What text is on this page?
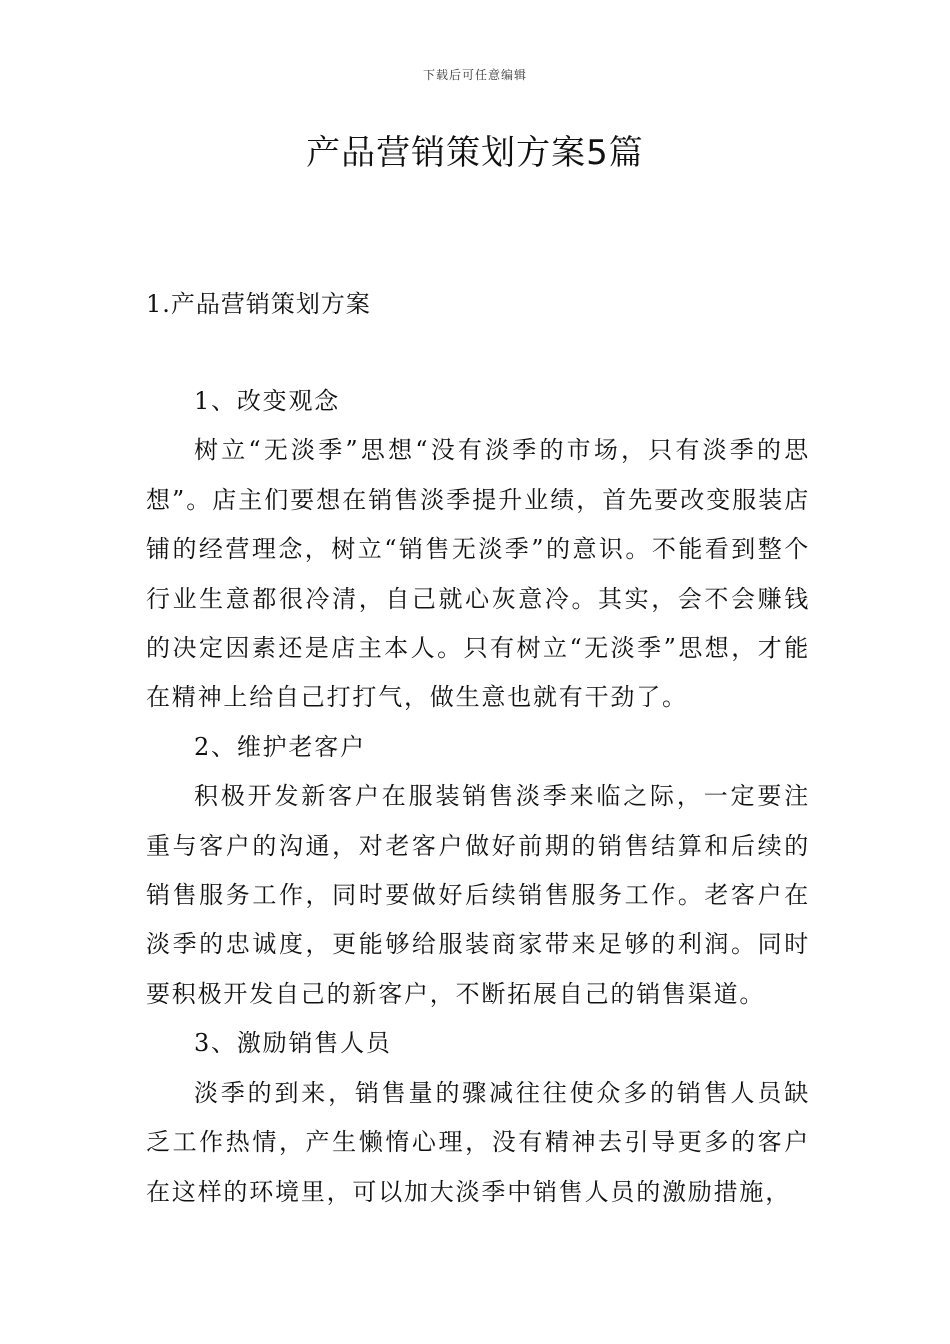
下载后可任意编辑
产品营销策划方案5篇
1.产品营销策划方案

1、改变观念

树立“无淡季”思想“没有淡季的市场，只有淡季的思想”。店主们要想在销售淡季提升业绩，首先要改变服装店铺的经营理念，树立“销售无淡季”的意识。不能看到整个行业生意都很冷清，自己就心灰意冷。其实，会不会赚钱的决定因素还是店主本人。只有树立“无淡季”思想，才能在精神上给自己打打气，做生意也就有干劲了。

2、维护老客户

积极开发新客户在服装销售淡季来临之际，一定要注重与客户的沟通，对老客户做好前期的销售结算和后续的销售服务工作，同时要做好后续销售服务工作。老客户在淡季的忠诚度，更能够给服装商家带来足够的利润。同时要积极开发自己的新客户，不断拓展自己的销售渠道。

3、激励销售人员

淡季的到来，销售量的骤减往往使众多的销售人员缺乏工作热情，产生懒惰心理，没有精神去引导更多的客户在这样的环境里，可以加大淡季中销售人员的激励措施，
